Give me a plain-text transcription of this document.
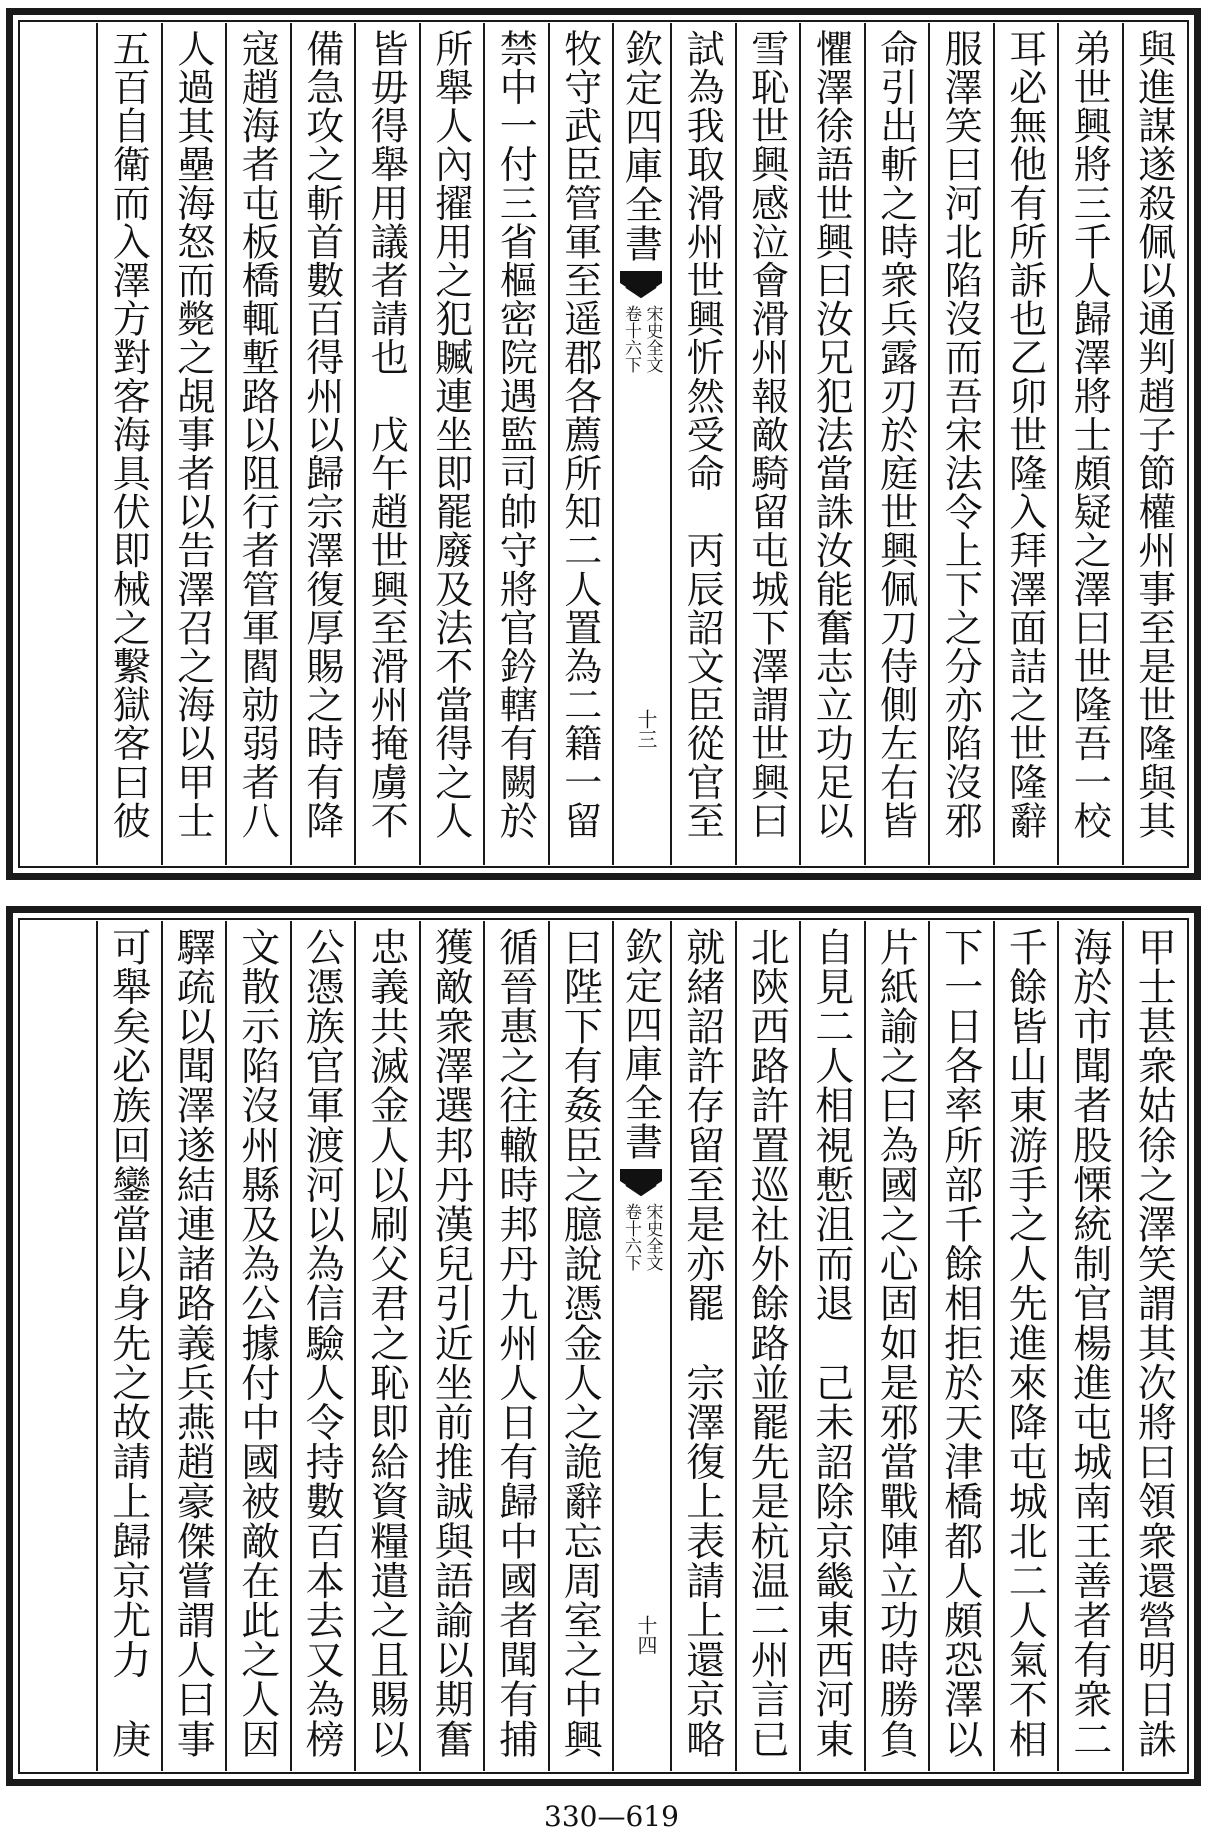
與進謀遂殺佩以通判趙子節權州事至是世隆與其
弟世興將三千人歸澤將士頗疑之澤曰世隆吾一校
耳必無他有所訴也乙卯世隆入拜澤面詰之世隆辭
服澤笑曰河北陷沒而吾宋法令上下之分亦陷沒邪
命引出斬之時衆兵露刃於庭世興佩刀侍側左右皆
懼澤徐語世興曰汝兄犯法當誅汝能奮志立功足以
雪恥世興感泣會滑州報敵騎留屯城下澤謂世興曰
試為我取滑州世興忻然受命　丙辰詔文臣從官至
欽定四庫全書
宋史全文
卷十六下
十三
牧守武臣管軍至遥郡各薦所知二人置為二籍一留
禁中一付三省樞密院遇監司帥守將官鈐轄有闕於
所舉人內擢用之犯贓連坐即罷廢及法不當得之人
皆毋得舉用議者請也　戊午趙世興至滑州掩虜不
備急攻之斬首數百得州以歸宗澤復厚賜之時有降
寇趙海者屯板橋輒塹路以阻行者管軍閻勍弱者八
人過其壘海怒而斃之覘事者以告澤召之海以甲士
五百自衛而入澤方對客海具伏即械之繫獄客曰彼
甲士甚衆姑徐之澤笑謂其次將曰領衆還營明日誅
海於市聞者股慄統制官楊進屯城南王善者有衆二
千餘皆山東游手之人先進來降屯城北二人氣不相
下一日各率所部千餘相拒於天津橋都人頗恐澤以
片紙諭之曰為國之心固如是邪當戰陣立功時勝負
自見二人相視慙沮而退　己未詔除京畿東西河東
北陝西路許置巡社外餘路並罷先是杭温二州言已
就緒詔許存留至是亦罷　宗澤復上表請上還京略
欽定四庫全書
宋史全文
卷十六下
十四
曰陛下有姦臣之臆說憑金人之詭辭忘周室之中興
循晉惠之往轍時邦丹九州人日有歸中國者聞有捕
獲敵衆澤選邦丹漢兒引近坐前推誠與語諭以期奮
忠義共滅金人以刷父君之恥即給資糧遣之且賜以
公憑族官軍渡河以為信驗人令持數百本去又為榜
文散示陷沒州縣及為公據付中國被敵在此之人因
驛疏以聞澤遂結連諸路義兵燕趙豪傑嘗謂人曰事
可舉矣必族回鑾當以身先之故請上歸京尤力　庚
330—619
